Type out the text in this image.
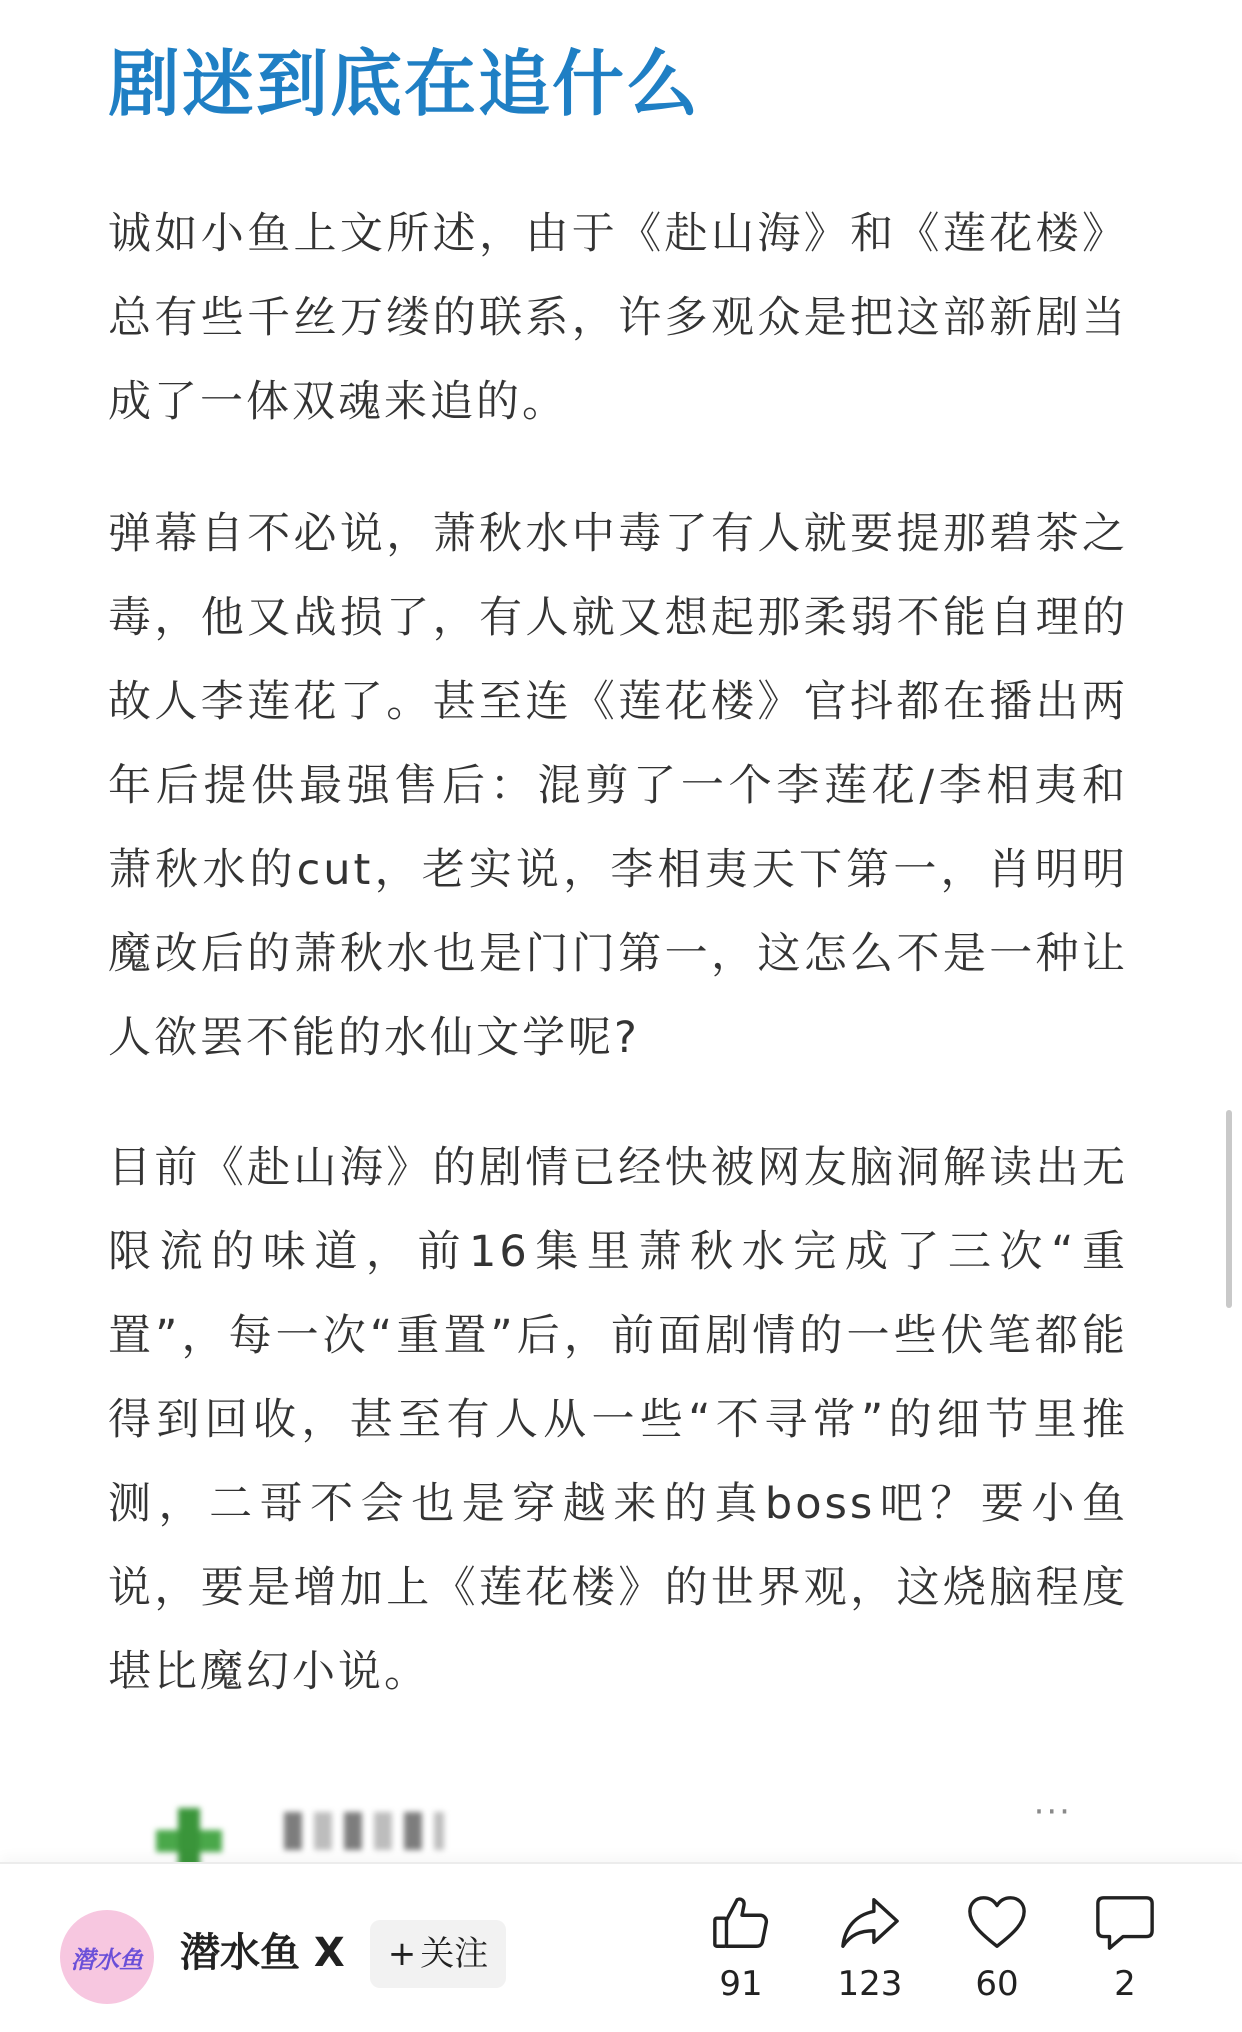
剧迷到底在追什么

诚如小鱼上文所述，由于《赴山海》和《莲花楼》总有些千丝万缕的联系，许多观众是把这部新剧当成了一体双魂来追的。

弹幕自不必说，萧秋水中毒了有人就要提那碧茶之毒，他又战损了，有人就又想起那柔弱不能自理的故人李莲花了。甚至连《莲花楼》官抖都在播出两年后提供最强售后：混剪了一个李莲花/李相夷和萧秋水的cut，老实说，李相夷天下第一，肖明明魔改后的萧秋水也是门门第一，这怎么不是一种让人欲罢不能的水仙文学呢?

目前《赴山海》的剧情已经快被网友脑洞解读出无限流的味道，前16集里萧秋水完成了三次“重置”，每一次“重置”后，前面剧情的一些伏笔都能得到回收，甚至有人从一些“不寻常”的细节里推测，二哥不会也是穿越来的真boss吧？要小鱼说，要是增加上《莲花楼》的世界观，这烧脑程度堪比魔幻小说。

···
潜水鱼 潜水鱼 X	+ 关注
91	123	60	2
